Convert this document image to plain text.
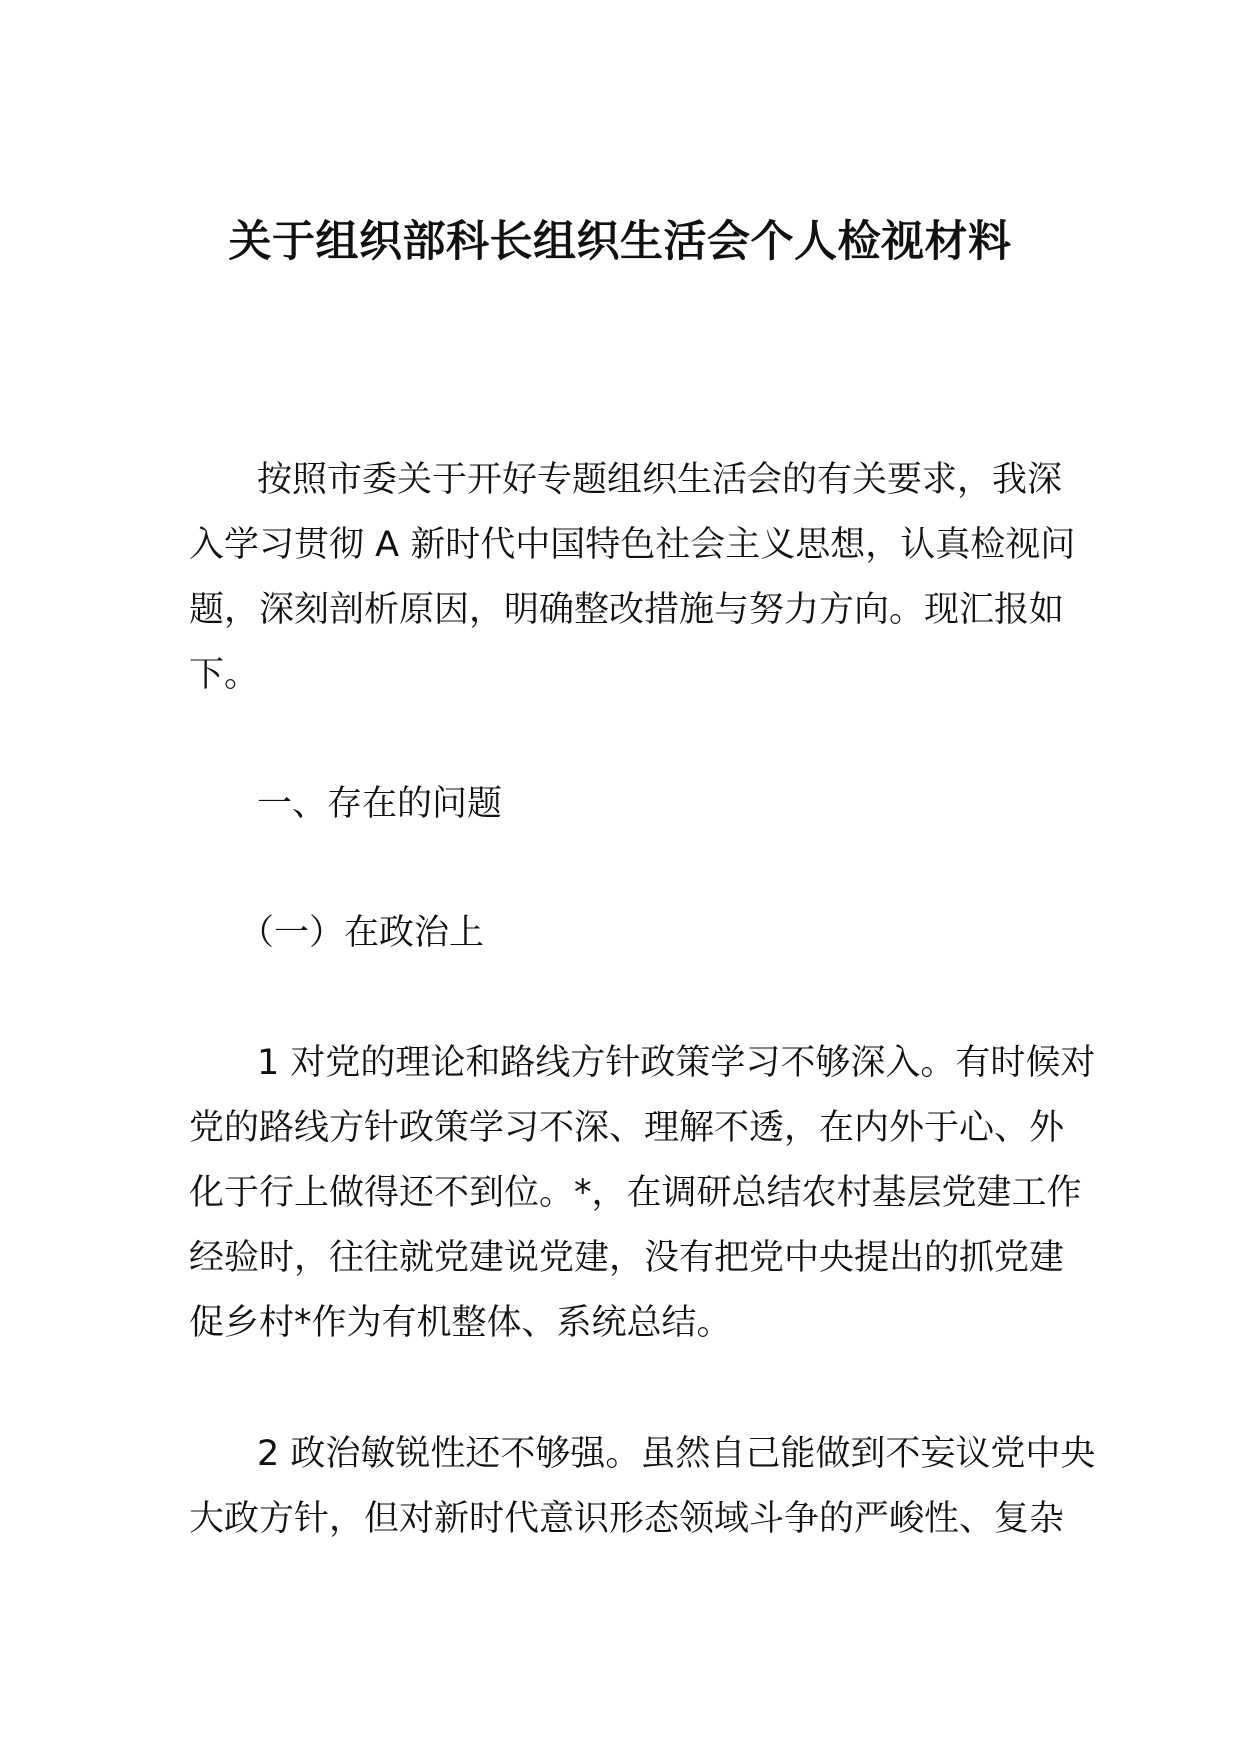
关于组织部科长组织生活会个人检视材料
按照市委关于开好专题组织生活会的有关要求，我深
入学习贯彻 A 新时代中国特色社会主义思想，认真检视问
题，深刻剖析原因，明确整改措施与努力方向。现汇报如
下。
一、存在的问题
（一）在政治上
1 对党的理论和路线方针政策学习不够深入。有时候对
党的路线方针政策学习不深、理解不透，在内外于心、外
化于行上做得还不到位。*，在调研总结农村基层党建工作
经验时，往往就党建说党建，没有把党中央提出的抓党建
促乡村*作为有机整体、系统总结。
2 政治敏锐性还不够强。虽然自己能做到不妄议党中央
大政方针，但对新时代意识形态领域斗争的严峻性、复杂
